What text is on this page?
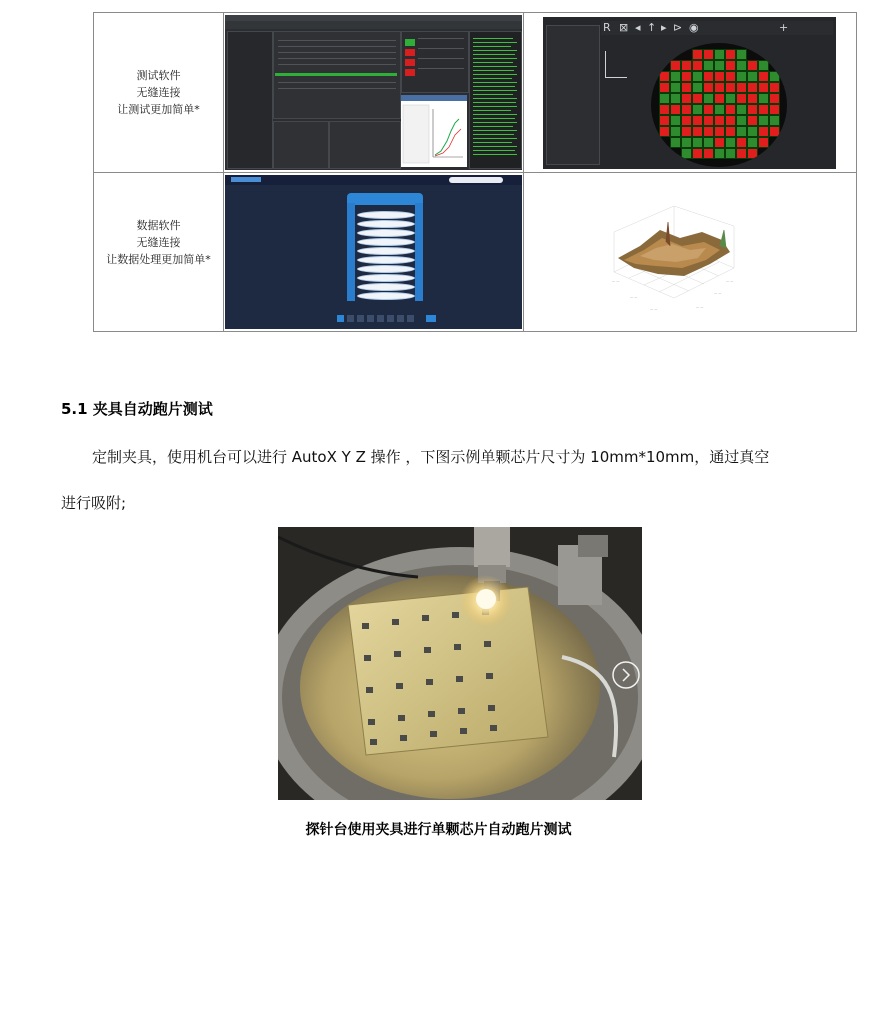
测试软件
无缝连接
让测试更加简单*
数据软件
无缝连接
让数据处理更加简单*
R ⊠ ◂ ↑ ▸ ⊳ ◉	+
— —
— —
— —	— —
— —
— —
5.1 夹具自动跑片测试
定制夹具，使用机台可以进行 AutoX Y Z 操作 ，下图示例单颗芯片尺寸为 10mm*10mm，通过真空
进行吸附;
探针台使用夹具进行单颗芯片自动跑片测试
